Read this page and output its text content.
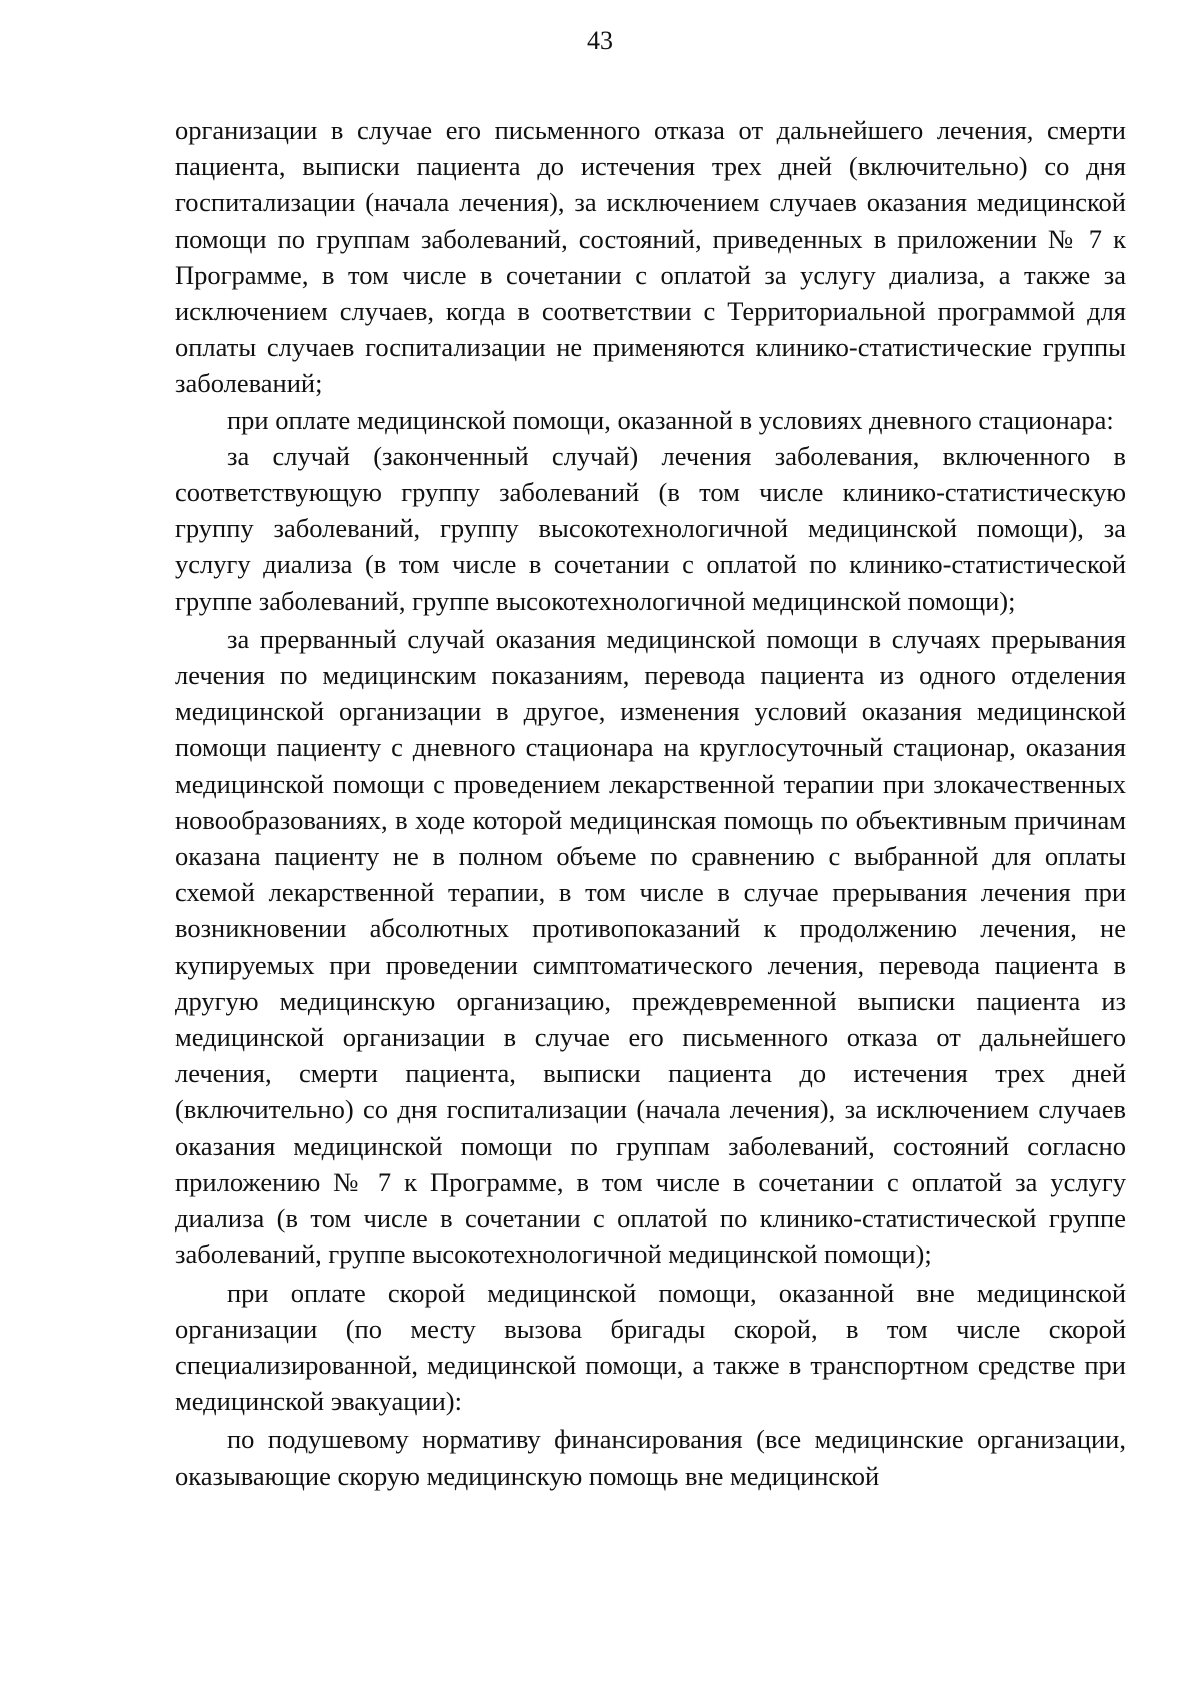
43

организации в случае его письменного отказа от дальнейшего лечения, смерти пациента, выписки пациента до истечения трех дней (включительно) со дня госпитализации (начала лечения), за исключением случаев оказания медицинской помощи по группам заболеваний, состояний, приведенных в приложении № 7 к Программе, в том числе в сочетании с оплатой за услугу диализа, а также за исключением случаев, когда в соответствии с Территориальной программой для оплаты случаев госпитализации не применяются клинико-статистические группы заболеваний;

при оплате медицинской помощи, оказанной в условиях дневного стационара:

за случай (законченный случай) лечения заболевания, включенного в соответствующую группу заболеваний (в том числе клинико-статистическую группу заболеваний, группу высокотехнологичной медицинской помощи), за услугу диализа (в том числе в сочетании с оплатой по клинико-статистической группе заболеваний, группе высокотехнологичной медицинской помощи);

за прерванный случай оказания медицинской помощи в случаях прерывания лечения по медицинским показаниям, перевода пациента из одного отделения медицинской организации в другое, изменения условий оказания медицинской помощи пациенту с дневного стационара на круглосуточный стационар, оказания медицинской помощи с проведением лекарственной терапии при злокачественных новообразованиях, в ходе которой медицинская помощь по объективным причинам оказана пациенту не в полном объеме по сравнению с выбранной для оплаты схемой лекарственной терапии, в том числе в случае прерывания лечения при возникновении абсолютных противопоказаний к продолжению лечения, не купируемых при проведении симптоматического лечения, перевода пациента в другую медицинскую организацию, преждевременной выписки пациента из медицинской организации в случае его письменного отказа от дальнейшего лечения, смерти пациента, выписки пациента до истечения трех дней (включительно) со дня госпитализации (начала лечения), за исключением случаев оказания медицинской помощи по группам заболеваний, состояний согласно приложению № 7 к Программе, в том числе в сочетании с оплатой за услугу диализа (в том числе в сочетании с оплатой по клинико-статистической группе заболеваний, группе высокотехнологичной медицинской помощи);

при оплате скорой медицинской помощи, оказанной вне медицинской организации (по месту вызова бригады скорой, в том числе скорой специализированной, медицинской помощи, а также в транспортном средстве при медицинской эвакуации):

по подушевому нормативу финансирования (все медицинские организации, оказывающие скорую медицинскую помощь вне медицинской
